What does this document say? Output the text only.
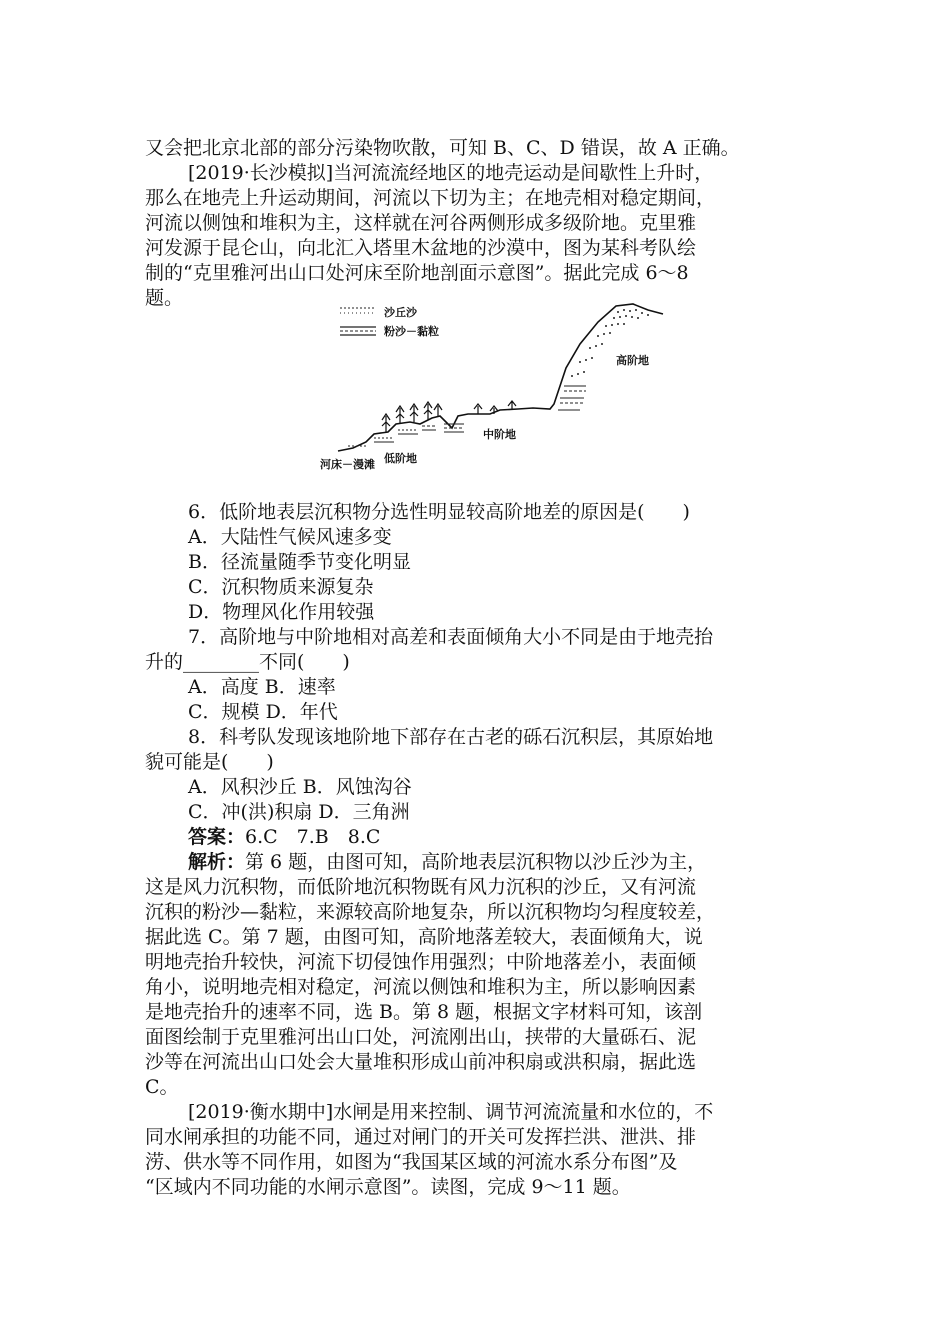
又会把北京北部的部分污染物吹散，可知 B、C、D 错误，故 A 正确。
[2019·长沙模拟]当河流流经地区的地壳运动是间歇性上升时，
那么在地壳上升运动期间，河流以下切为主；在地壳相对稳定期间，
河流以侧蚀和堆积为主，这样就在河谷两侧形成多级阶地。克里雅
河发源于昆仑山，向北汇入塔里木盆地的沙漠中，图为某科考队绘
制的“克里雅河出山口处河床至阶地剖面示意图”。据此完成 6～8
题。
沙丘沙
粉沙－黏粒
高阶地
中阶地
低阶地
河床－漫滩
6．低阶地表层沉积物分选性明显较高阶地差的原因是(　　)
A．大陆性气候风速多变
B．径流量随季节变化明显
C．沉积物质来源复杂
D．物理风化作用较强
7．高阶地与中阶地相对高差和表面倾角大小不同是由于地壳抬
升的________不同(　　)
A．高度 B．速率
C．规模 D．年代
8．科考队发现该地阶地下部存在古老的砾石沉积层，其原始地
貌可能是(　　)
A．风积沙丘 B．风蚀沟谷
C．冲(洪)积扇 D．三角洲
答案：6.C　7.B　8.C
解析：第 6 题，由图可知，高阶地表层沉积物以沙丘沙为主，
这是风力沉积物，而低阶地沉积物既有风力沉积的沙丘，又有河流
沉积的粉沙—黏粒，来源较高阶地复杂，所以沉积物均匀程度较差，
据此选 C。第 7 题，由图可知，高阶地落差较大，表面倾角大，说
明地壳抬升较快，河流下切侵蚀作用强烈；中阶地落差小，表面倾
角小，说明地壳相对稳定，河流以侧蚀和堆积为主，所以影响因素
是地壳抬升的速率不同，选 B。第 8 题，根据文字材料可知，该剖
面图绘制于克里雅河出山口处，河流刚出山，挟带的大量砾石、泥
沙等在河流出山口处会大量堆积形成山前冲积扇或洪积扇，据此选
C。
[2019·衡水期中]水闸是用来控制、调节河流流量和水位的，不
同水闸承担的功能不同，通过对闸门的开关可发挥拦洪、泄洪、排
涝、供水等不同作用，如图为“我国某区域的河流水系分布图”及
“区域内不同功能的水闸示意图”。读图，完成 9～11 题。
